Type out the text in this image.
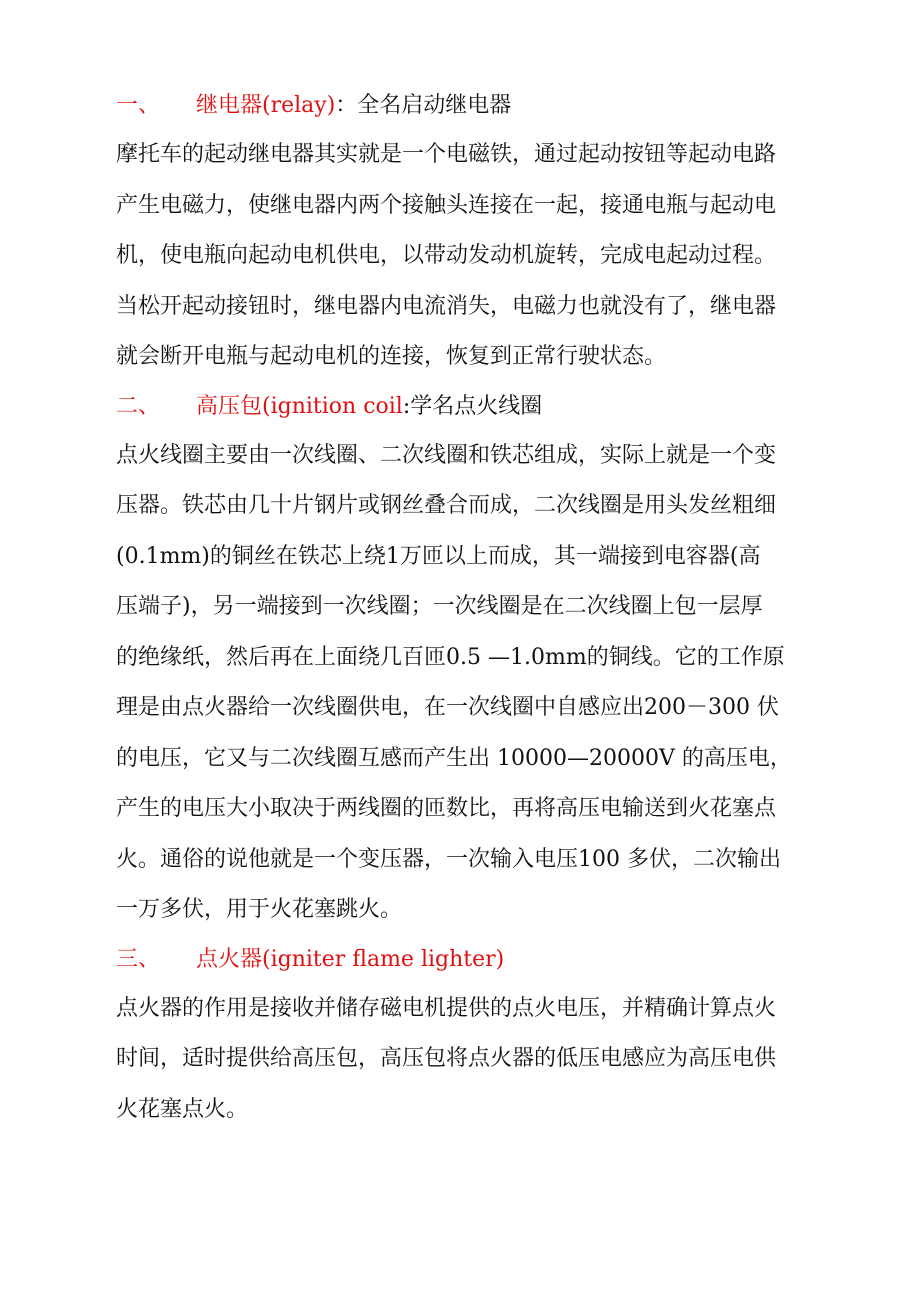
一、	继电器(relay) ：全名启动继电器
摩托车的起动继电器其实就是一个电磁铁，通过起动按钮等起动电路
产生电磁力，使继电器内两个接触头连接在一起，接通电瓶与起动电
机，使电瓶向起动电机供电，以带动发动机旋转，完成电起动过程。
当松开起动接钮时，继电器内电流消失，电磁力也就没有了，继电器
就会断开电瓶与起动电机的连接，恢复到正常行驶状态。
二、	高压包(ignition coil :学名点火线圈
点火线圈主要由一次线圈、二次线圈和铁芯组成，实际上就是一个变
压器。铁芯由几十片钢片或钢丝叠合而成，二次线圈是用头发丝粗细
(0.1mm)的铜丝在铁芯上绕1万匝以上而成，其一端接到电容器(高
压端子)，另一端接到一次线圈；一次线圈是在二次线圈上包一层厚
的绝缘纸，然后再在上面绕几百匝0.5 —1.0mm的铜线。它的工作原
理是由点火器给一次线圈供电，在一次线圈中自感应出200－300 伏
的电压，它又与二次线圈互感而产生出 10000—20000V 的高压电，
产生的电压大小取决于两线圈的匝数比，再将高压电输送到火花塞点
火。通俗的说他就是一个变压器，一次输入电压100 多伏，二次输出
一万多伏，用于火花塞跳火。
三、	点火器(igniter flame lighter)
点火器的作用是接收并储存磁电机提供的点火电压，并精确计算点火
时间，适时提供给高压包，高压包将点火器的低压电感应为高压电供
火花塞点火。
